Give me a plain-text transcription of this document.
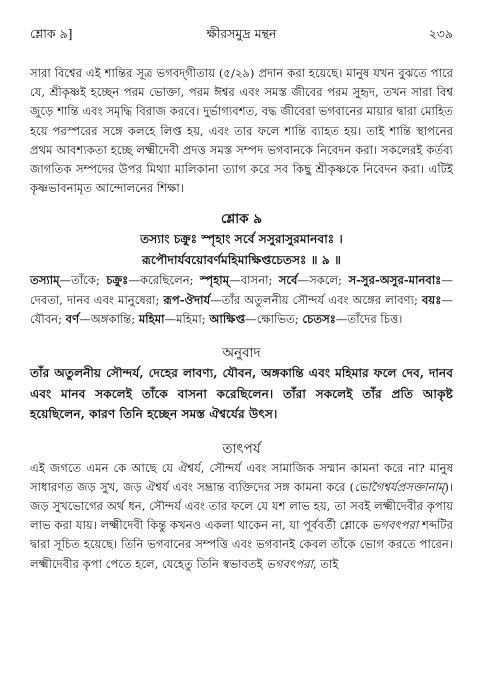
শ্লোক ৯]	ক্ষীরসমুদ্র মন্থন	২৩৯

সারা বিশ্বের এই শান্তির সূত্র ভগবদ্‌গীতায় (৫/২৯) প্রদান করা হয়েছে। মানুষ যখন বুঝতে পারে যে, শ্রীকৃষ্ণই হচ্ছেন পরম ভোক্তা, পরম ঈশ্বর এবং সমস্ত জীবের পরম সুহৃদ, তখন সারা বিশ্ব জুড়ে শান্তি এবং সমৃদ্ধি বিরাজ করবে। দুর্ভাগ্যবশত, বদ্ধ জীবেরা ভগবানের মায়ার দ্বারা মোহিত হয়ে পরস্পরের সঙ্গে কলহে লিপ্ত হয়, এবং তার ফলে শান্তি ব্যাহত হয়। তাই শান্তি স্থাপনের প্রথম আবশ্যকতা হচ্ছে লক্ষ্মীদেবী প্রদত্ত সমস্ত সম্পদ ভগবানকে নিবেদন করা। সকলেরই কর্তব্য জাগতিক সম্পদের উপর মিথ্যা মালিকানা ত্যাগ করে সব কিছু শ্রীকৃষ্ণকে নিবেদন করা। এটিই কৃষ্ণভাবনামৃত আন্দোলনের শিক্ষা।

শ্লোক ৯
তস্যাং চক্রুঃ স্পৃহাং সর্বে সসুরাসুরমানবাঃ ।
রূপৌদার্যবয়োবর্ণমহিমাক্ষিপ্তচেতসঃ ॥ ৯ ॥

তস্যাম্—তাঁকে; চক্রুঃ—করেছিলেন; স্পৃহাম্—বাসনা; সর্বে—সকলে; স-সুর-অসুর-মানবাঃ—দেবতা, দানব এবং মানুষেরা; রূপ-ঔদার্য—তাঁর অতুলনীয় সৌন্দর্য এবং অঙ্গের লাবণ্য; বয়ঃ—যৌবন; বর্ণ—অঙ্গকান্তি; মহিমা—মহিমা; আক্ষিপ্ত—ক্ষোভিত; চেতসঃ—তাঁদের চিত্ত।

অনুবাদ

তাঁর অতুলনীয় সৌন্দর্য, দেহের লাবণ্য, যৌবন, অঙ্গকান্তি এবং মহিমার ফলে দেব, দানব এবং মানব সকলেই তাঁকে বাসনা করেছিলেন। তাঁরা সকলেই তাঁর প্রতি আকৃষ্ট হয়েছিলেন, কারণ তিনি হচ্ছেন সমস্ত ঐশ্বর্যের উৎস।

তাৎপর্য

এই জগতে এমন কে আছে যে ঐশ্বর্য, সৌন্দর্য এবং সামাজিক সম্মান কামনা করে না? মানুষ সাধারণত জড় সুখ, জড় ঐশ্বর্য এবং সম্ভ্রান্ত ব্যক্তিদের সঙ্গ কামনা করে (ভোগৈশ্বর্যপ্রসক্তানাম্)। জড় সুখভোগের অর্থ ধন, সৌন্দর্য এবং তার ফলে যে যশ লাভ হয়, তা সবই লক্ষ্মীদেবীর কৃপায় লাভ করা যায়। লক্ষ্মীদেবী কিন্তু কখনও একলা থাকেন না, যা পূর্ববর্তী শ্লোকে ভগবৎপরা শব্দটির দ্বারা সূচিত হয়েছে। তিনি ভগবানের সম্পত্তি এবং ভগবানই কেবল তাঁকে ভোগ করতে পারেন। লক্ষ্মীদেবীর কৃপা পেতে হলে, যেহেতু তিনি স্বভাবতই ভগবৎপরা, তাই
